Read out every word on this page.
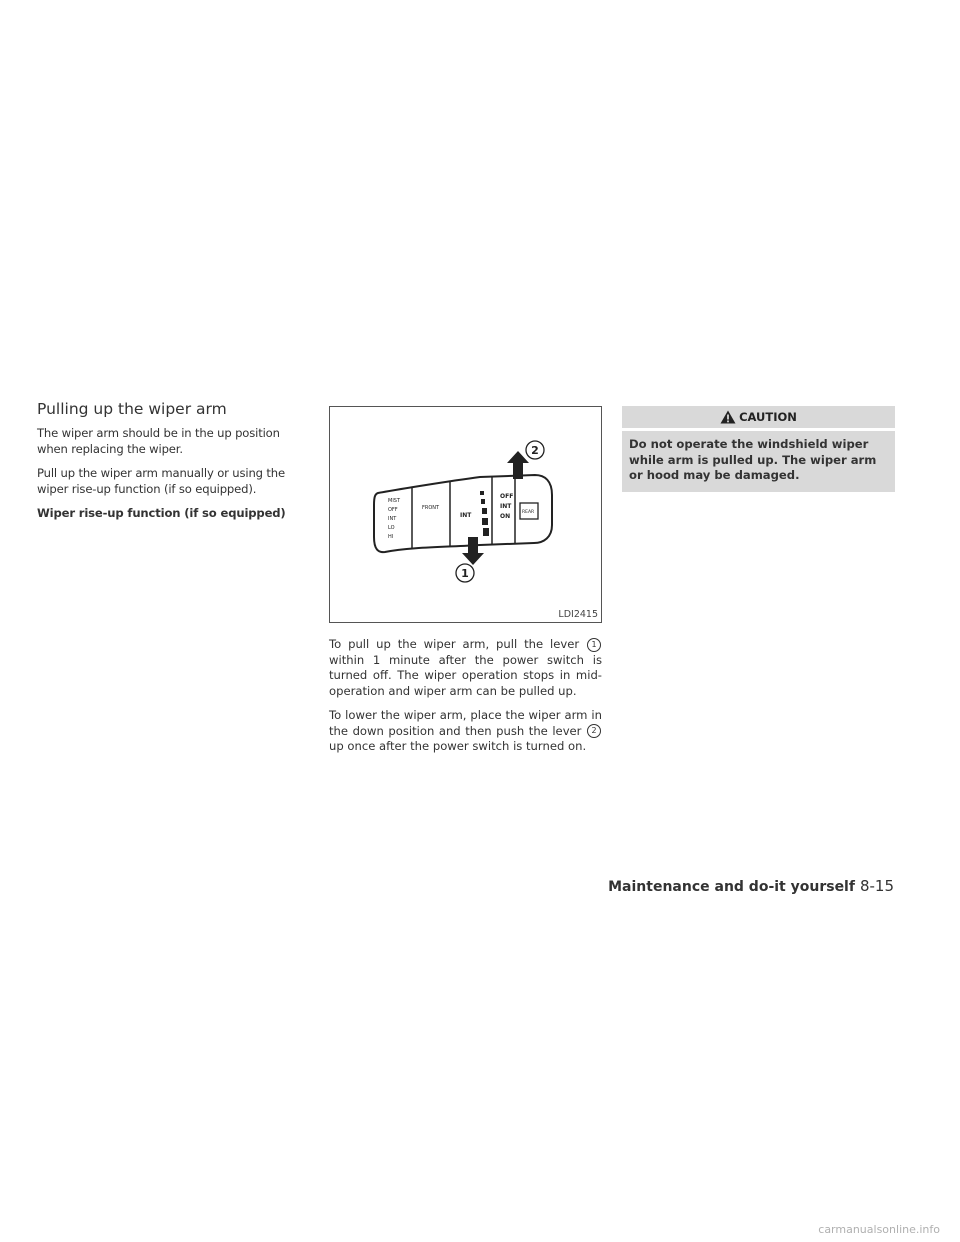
Pulling up the wiper arm

The wiper arm should be in the up position when replacing the wiper.

Pull up the wiper arm manually or using the wiper rise-up function (if so equipped).

Wiper rise-up function (if so equipped)

MIST
OFF
INT
LO
HI
FRONT
INT
OFF
INT
ON
REAR
2
1
LDI2415

To pull up the wiper arm, pull the lever 1 within 1 minute after the power switch is turned off. The wiper operation stops in mid-operation and wiper arm can be pulled up.

To lower the wiper arm, place the wiper arm in the down position and then push the lever 2 up once after the power switch is turned on.

CAUTION
Do not operate the windshield wiper while arm is pulled up. The wiper arm or hood may be damaged.
Maintenance and do-it yourself 8-15
carmanualsonline.info
